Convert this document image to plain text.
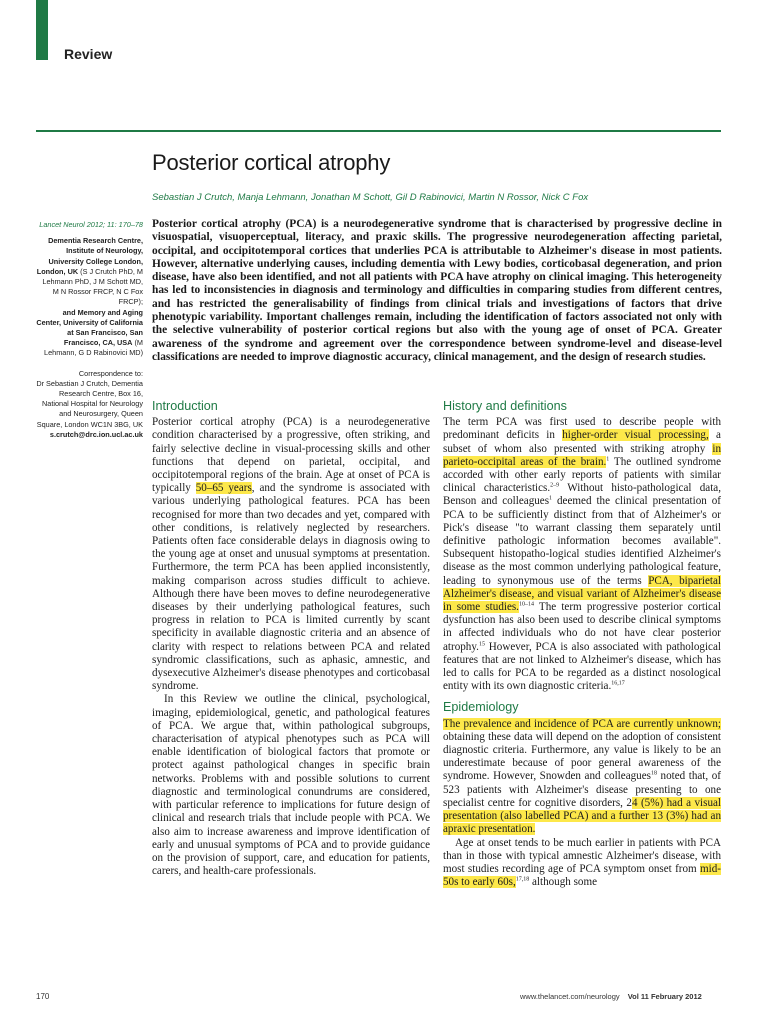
Review
Posterior cortical atrophy
Sebastian J Crutch, Manja Lehmann, Jonathan M Schott, Gil D Rabinovici, Martin N Rossor, Nick C Fox
Lancet Neurol 2012; 11: 170–78
Dementia Research Centre, Institute of Neurology, University College London, London, UK (S J Crutch PhD, M Lehmann PhD, J M Schott MD, M N Rossor FRCP, N C Fox FRCP);
and Memory and Aging Center, University of California at San Francisco, San Francisco, CA, USA (M Lehmann, G D Rabinovici MD)
Correspondence to:
Dr Sebastian J Crutch, Dementia Research Centre, Box 16, National Hospital for Neurology and Neurosurgery, Queen Square, London WC1N 3BG, UK
s.crutch@drc.ion.ucl.ac.uk
Posterior cortical atrophy (PCA) is a neurodegenerative syndrome that is characterised by progressive decline in visuospatial, visuoperceptual, literacy, and praxic skills. The progressive neurodegeneration affecting parietal, occipital, and occipitotemporal cortices that underlies PCA is attributable to Alzheimer's disease in most patients. However, alternative underlying causes, including dementia with Lewy bodies, corticobasal degeneration, and prion disease, have also been identified, and not all patients with PCA have atrophy on clinical imaging. This heterogeneity has led to inconsistencies in diagnosis and terminology and difficulties in comparing studies from different centres, and has restricted the generalisability of findings from clinical trials and investigations of factors that drive phenotypic variability. Important challenges remain, including the identification of factors associated not only with the selective vulnerability of posterior cortical regions but also with the young age of onset of PCA. Greater awareness of the syndrome and agreement over the correspondence between syndrome-level and disease-level classifications are needed to improve diagnostic accuracy, clinical management, and the design of research studies.
Introduction

Posterior cortical atrophy (PCA) is a neurodegenerative condition characterised by a progressive, often striking, and fairly selective decline in visual-processing skills and other functions that depend on parietal, occipital, and occipitotemporal regions of the brain. Age at onset of PCA is typically 50–65 years, and the syndrome is associated with various underlying pathological features. PCA has been recognised for more than two decades and yet, compared with other conditions, is relatively neglected by researchers. Patients often face considerable delays in diagnosis owing to the young age at onset and unusual symptoms at presentation. Furthermore, the term PCA has been applied inconsistently, making comparison across studies difficult to achieve. Although there have been moves to define neurodegenerative diseases by their underlying pathological features, such progress in relation to PCA is limited currently by scant specificity in available diagnostic criteria and an absence of clarity with respect to relations between PCA and related syndromic classifications, such as aphasic, amnestic, and dysexecutive Alzheimer's disease phenotypes and corticobasal syndrome.

In this Review we outline the clinical, psychological, imaging, epidemiological, genetic, and pathological features of PCA. We argue that, within pathological subgroups, characterisation of atypical phenotypes such as PCA will enable identification of biological factors that promote or protect against pathological changes in specific brain networks. Problems with and possible solutions to current diagnostic and terminological conundrums are considered, with particular reference to implications for future design of clinical and research trials that include people with PCA. We also aim to increase awareness and improve identification of early and unusual symptoms of PCA and to provide guidance on the provision of support, care, and education for patients, carers, and health-care professionals.

History and definitions

The term PCA was first used to describe people with predominant deficits in higher-order visual processing, a subset of whom also presented with striking atrophy in parieto-occipital areas of the brain.$^1$ The outlined syndrome accorded with other early reports of patients with similar clinical characteristics.$^{2-9}$ Without histo-pathological data, Benson and colleagues$^1$ deemed the clinical presentation of PCA to be sufficiently distinct from that of Alzheimer's or Pick's disease "to warrant classing them separately until definitive pathologic information becomes available". Subsequent histopatho-logical studies identified Alzheimer's disease as the most common underlying pathological feature, leading to synonymous use of the terms PCA, biparietal Alzheimer's disease, and visual variant of Alzheimer's disease in some studies.$^{10-14}$ The term progressive posterior cortical dysfunction has also been used to describe clinical symptoms in affected individuals who do not have clear posterior atrophy.$^{15}$ However, PCA is also associated with pathological features that are not linked to Alzheimer's disease, which has led to calls for PCA to be regarded as a distinct nosological entity with its own diagnostic criteria.$^{16,17}$

Epidemiology

The prevalence and incidence of PCA are currently unknown; obtaining these data will depend on the adoption of consistent diagnostic criteria. Furthermore, any value is likely to be an underestimate because of poor general awareness of the syndrome. However, Snowden and colleagues$^{18}$ noted that, of 523 patients with Alzheimer's disease presenting to one specialist centre for cognitive disorders, 24 (5%) had a visual presentation (also labelled PCA) and a further 13 (3%) had an apraxic presentation.

Age at onset tends to be much earlier in patients with PCA than in those with typical amnestic Alzheimer's disease, with most studies recording age of PCA symptom onset from mid-50s to early 60s,$^{17,18}$ although some

170	www.thelancet.com/neurology Vol 11 February 2012
